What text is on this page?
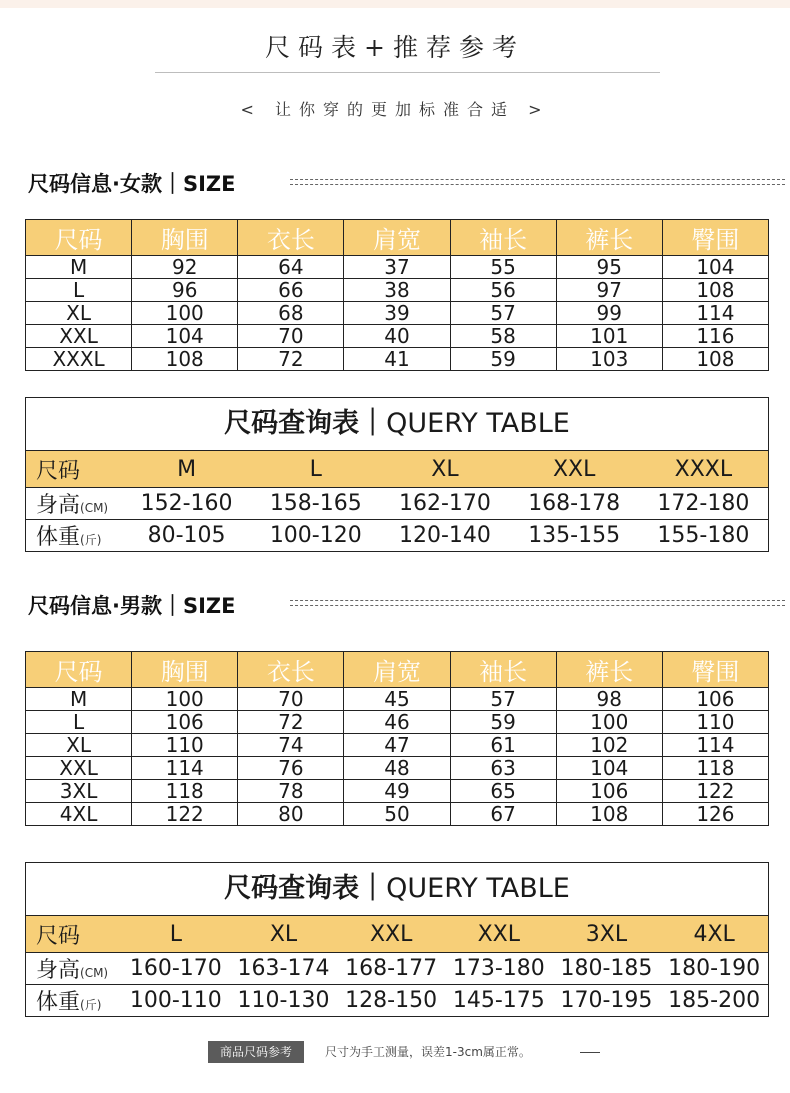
尺码表+推荐参考
< 让你穿的更加标准合适 >
尺码信息·女款｜SIZE
尺码	胸围	衣长	肩宽	袖长	裤长	臀围
M	92	64	37	55	95	104
L	96	66	38	56	97	108
XL	100	68	39	57	99	114
XXL	104	70	40	58	101	116
XXXL	108	72	41	59	103	108
尺码查询表｜QUERY TABLE
尺码	M	L	XL	XXL	XXXL
身高(CM)	152-160	158-165	162-170	168-178	172-180
体重(斤)	80-105	100-120	120-140	135-155	155-180
尺码信息·男款｜SIZE
尺码	胸围	衣长	肩宽	袖长	裤长	臀围
M	100	70	45	57	98	106
L	106	72	46	59	100	110
XL	110	74	47	61	102	114
XXL	114	76	48	63	104	118
3XL	118	78	49	65	106	122
4XL	122	80	50	67	108	126
尺码查询表｜QUERY TABLE
尺码	L	XL	XXL	XXL	3XL	4XL
身高(CM)	160-170	163-174	168-177	173-180	180-185	180-190
体重(斤)	100-110	110-130	128-150	145-175	170-195	185-200
商品尺码参考	尺寸为手工测量，误差1-3cm属正常。
